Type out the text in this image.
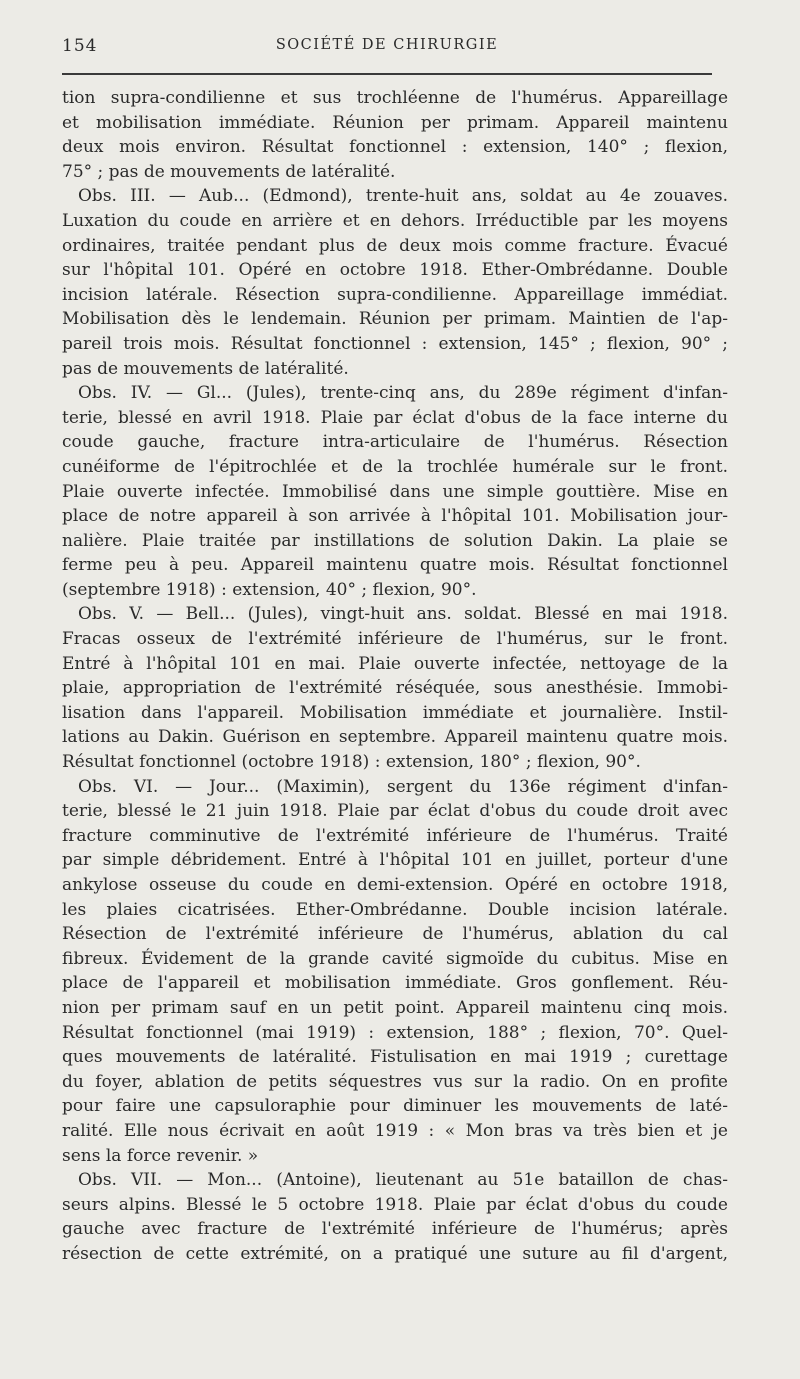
154	SOCIÉTÉ DE CHIRURGIE
tion supra-condilienne et sus trochléenne de l'humérus. Appareillage
et mobilisation immédiate. Réunion per primam. Appareil maintenu
deux mois environ. Résultat fonctionnel : extension, 140° ; flexion,
75° ; pas de mouvements de latéralité.
Obs. III. — Aub... (Edmond), trente-huit ans, soldat au 4e zouaves.
Luxation du coude en arrière et en dehors. Irréductible par les moyens
ordinaires, traitée pendant plus de deux mois comme fracture. Évacué
sur l'hôpital 101. Opéré en octobre 1918. Ether-Ombrédanne. Double
incision latérale. Résection supra-condilienne. Appareillage immédiat.
Mobilisation dès le lendemain. Réunion per primam. Maintien de l'ap-
pareil trois mois. Résultat fonctionnel : extension, 145° ; flexion, 90° ;
pas de mouvements de latéralité.
Obs. IV. — Gl... (Jules), trente-cinq ans, du 289e régiment d'infan-
terie, blessé en avril 1918. Plaie par éclat d'obus de la face interne du
coude gauche, fracture intra-articulaire de l'humérus. Résection
cunéiforme de l'épitrochlée et de la trochlée humérale sur le front.
Plaie ouverte infectée. Immobilisé dans une simple gouttière. Mise en
place de notre appareil à son arrivée à l'hôpital 101. Mobilisation jour-
nalière. Plaie traitée par instillations de solution Dakin. La plaie se
ferme peu à peu. Appareil maintenu quatre mois. Résultat fonctionnel
(septembre 1918) : extension, 40° ; flexion, 90°.
Obs. V. — Bell... (Jules), vingt-huit ans. soldat. Blessé en mai 1918.
Fracas osseux de l'extrémité inférieure de l'humérus, sur le front.
Entré à l'hôpital 101 en mai. Plaie ouverte infectée, nettoyage de la
plaie, appropriation de l'extrémité réséquée, sous anesthésie. Immobi-
lisation dans l'appareil. Mobilisation immédiate et journalière. Instil-
lations au Dakin. Guérison en septembre. Appareil maintenu quatre mois.
Résultat fonctionnel (octobre 1918) : extension, 180° ; flexion, 90°.
Obs. VI. — Jour... (Maximin), sergent du 136e régiment d'infan-
terie, blessé le 21 juin 1918. Plaie par éclat d'obus du coude droit avec
fracture comminutive de l'extrémité inférieure de l'humérus. Traité
par simple débridement. Entré à l'hôpital 101 en juillet, porteur d'une
ankylose osseuse du coude en demi-extension. Opéré en octobre 1918,
les plaies cicatrisées. Ether-Ombrédanne. Double incision latérale.
Résection de l'extrémité inférieure de l'humérus, ablation du cal
fibreux. Évidement de la grande cavité sigmoïde du cubitus. Mise en
place de l'appareil et mobilisation immédiate. Gros gonflement. Réu-
nion per primam sauf en un petit point. Appareil maintenu cinq mois.
Résultat fonctionnel (mai 1919) : extension, 188° ; flexion, 70°. Quel-
ques mouvements de latéralité. Fistulisation en mai 1919 ; curettage
du foyer, ablation de petits séquestres vus sur la radio. On en profite
pour faire une capsuloraphie pour diminuer les mouvements de laté-
ralité. Elle nous écrivait en août 1919 : « Mon bras va très bien et je
sens la force revenir. »
Obs. VII. — Mon... (Antoine), lieutenant au 51e bataillon de chas-
seurs alpins. Blessé le 5 octobre 1918. Plaie par éclat d'obus du coude
gauche avec fracture de l'extrémité inférieure de l'humérus; après
résection de cette extrémité, on a pratiqué une suture au fil d'argent,
